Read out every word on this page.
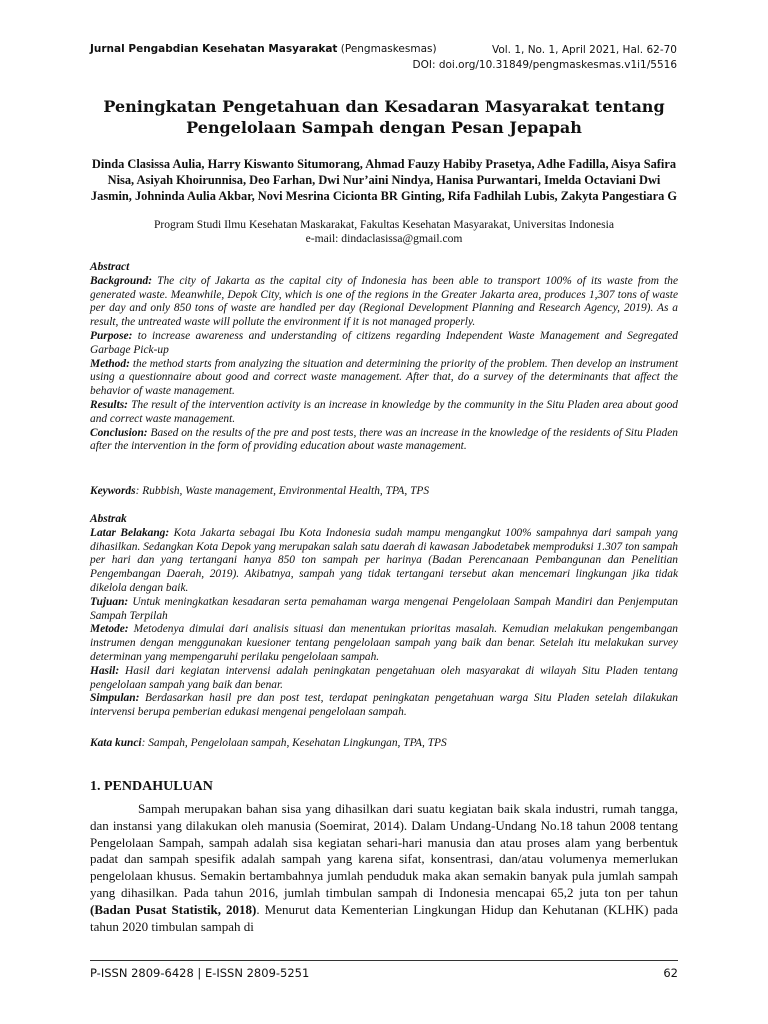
Jurnal Pengabdian Kesehatan Masyarakat (Pengmaskesmas)	Vol. 1, No. 1, April 2021, Hal. 62-70
DOI: doi.org/10.31849/pengmaskesmas.v1i1/5516
Peningkatan Pengetahuan dan Kesadaran Masyarakat tentang Pengelolaan Sampah dengan Pesan Jepapah
Dinda Clasissa Aulia, Harry Kiswanto Situmorang, Ahmad Fauzy Habiby Prasetya, Adhe Fadilla, Aisya Safira Nisa, Asiyah Khoirunnisa, Deo Farhan, Dwi Nur’aini Nindya, Hanisa Purwantari, Imelda Octaviani Dwi Jasmin, Johninda Aulia Akbar, Novi Mesrina Cicionta BR Ginting, Rifa Fadhilah Lubis, Zakyta Pangestiara G
Program Studi Ilmu Kesehatan Maskarakat, Fakultas Kesehatan Masyarakat, Universitas Indonesia
e-mail: dindaclasissa@gmail.com

Abstract

Background: The city of Jakarta as the capital city of Indonesia has been able to transport 100% of its waste from the generated waste. Meanwhile, Depok City, which is one of the regions in the Greater Jakarta area, produces 1,307 tons of waste per day and only 850 tons of waste are handled per day (Regional Development Planning and Research Agency, 2019). As a result, the untreated waste will pollute the environment if it is not managed properly.

Purpose: to increase awareness and understanding of citizens regarding Independent Waste Management and Segregated Garbage Pick-up

Method: the method starts from analyzing the situation and determining the priority of the problem. Then develop an instrument using a questionnaire about good and correct waste management. After that, do a survey of the determinants that affect the behavior of waste management.

Results: The result of the intervention activity is an increase in knowledge by the community in the Situ Pladen area about good and correct waste management.

Conclusion: Based on the results of the pre and post tests, there was an increase in the knowledge of the residents of Situ Pladen after the intervention in the form of providing education about waste management.

Keywords: Rubbish, Waste management, Environmental Health, TPA, TPS

Abstrak

Latar Belakang: Kota Jakarta sebagai Ibu Kota Indonesia sudah mampu mengangkut 100% sampahnya dari sampah yang dihasilkan. Sedangkan Kota Depok yang merupakan salah satu daerah di kawasan Jabodetabek memproduksi 1.307 ton sampah per hari dan yang tertangani hanya 850 ton sampah per harinya (Badan Perencanaan Pembangunan dan Penelitian Pengembangan Daerah, 2019). Akibatnya, sampah yang tidak tertangani tersebut akan mencemari lingkungan jika tidak dikelola dengan baik.

Tujuan: Untuk meningkatkan kesadaran serta pemahaman warga mengenai Pengelolaan Sampah Mandiri dan Penjemputan Sampah Terpilah

Metode: Metodenya dimulai dari analisis situasi dan menentukan prioritas masalah. Kemudian melakukan pengembangan instrumen dengan menggunakan kuesioner tentang pengelolaan sampah yang baik dan benar. Setelah itu melakukan survey determinan yang mempengaruhi perilaku pengelolaan sampah.

Hasil: Hasil dari kegiatan intervensi adalah peningkatan pengetahuan oleh masyarakat di wilayah Situ Pladen tentang pengelolaan sampah yang baik dan benar.

Simpulan: Berdasarkan hasil pre dan post test, terdapat peningkatan pengetahuan warga Situ Pladen setelah dilakukan intervensi berupa pemberian edukasi mengenai pengelolaan sampah.

Kata kunci: Sampah, Pengelolaan sampah, Kesehatan Lingkungan, TPA, TPS
1. PENDAHULUAN

Sampah merupakan bahan sisa yang dihasilkan dari suatu kegiatan baik skala industri, rumah tangga, dan instansi yang dilakukan oleh manusia (Soemirat, 2014). Dalam Undang-Undang No.18 tahun 2008 tentang Pengelolaan Sampah, sampah adalah sisa kegiatan sehari-hari manusia dan atau proses alam yang berbentuk padat dan sampah spesifik adalah sampah yang karena sifat, konsentrasi, dan/atau volumenya memerlukan pengelolaan khusus. Semakin bertambahnya jumlah penduduk maka akan semakin banyak pula jumlah sampah yang dihasilkan. Pada tahun 2016, jumlah timbulan sampah di Indonesia mencapai 65,2 juta ton per tahun (Badan Pusat Statistik, 2018). Menurut data Kementerian Lingkungan Hidup dan Kehutanan (KLHK) pada tahun 2020 timbulan sampah di

P-ISSN 2809-6428 | E-ISSN 2809-5251	62
